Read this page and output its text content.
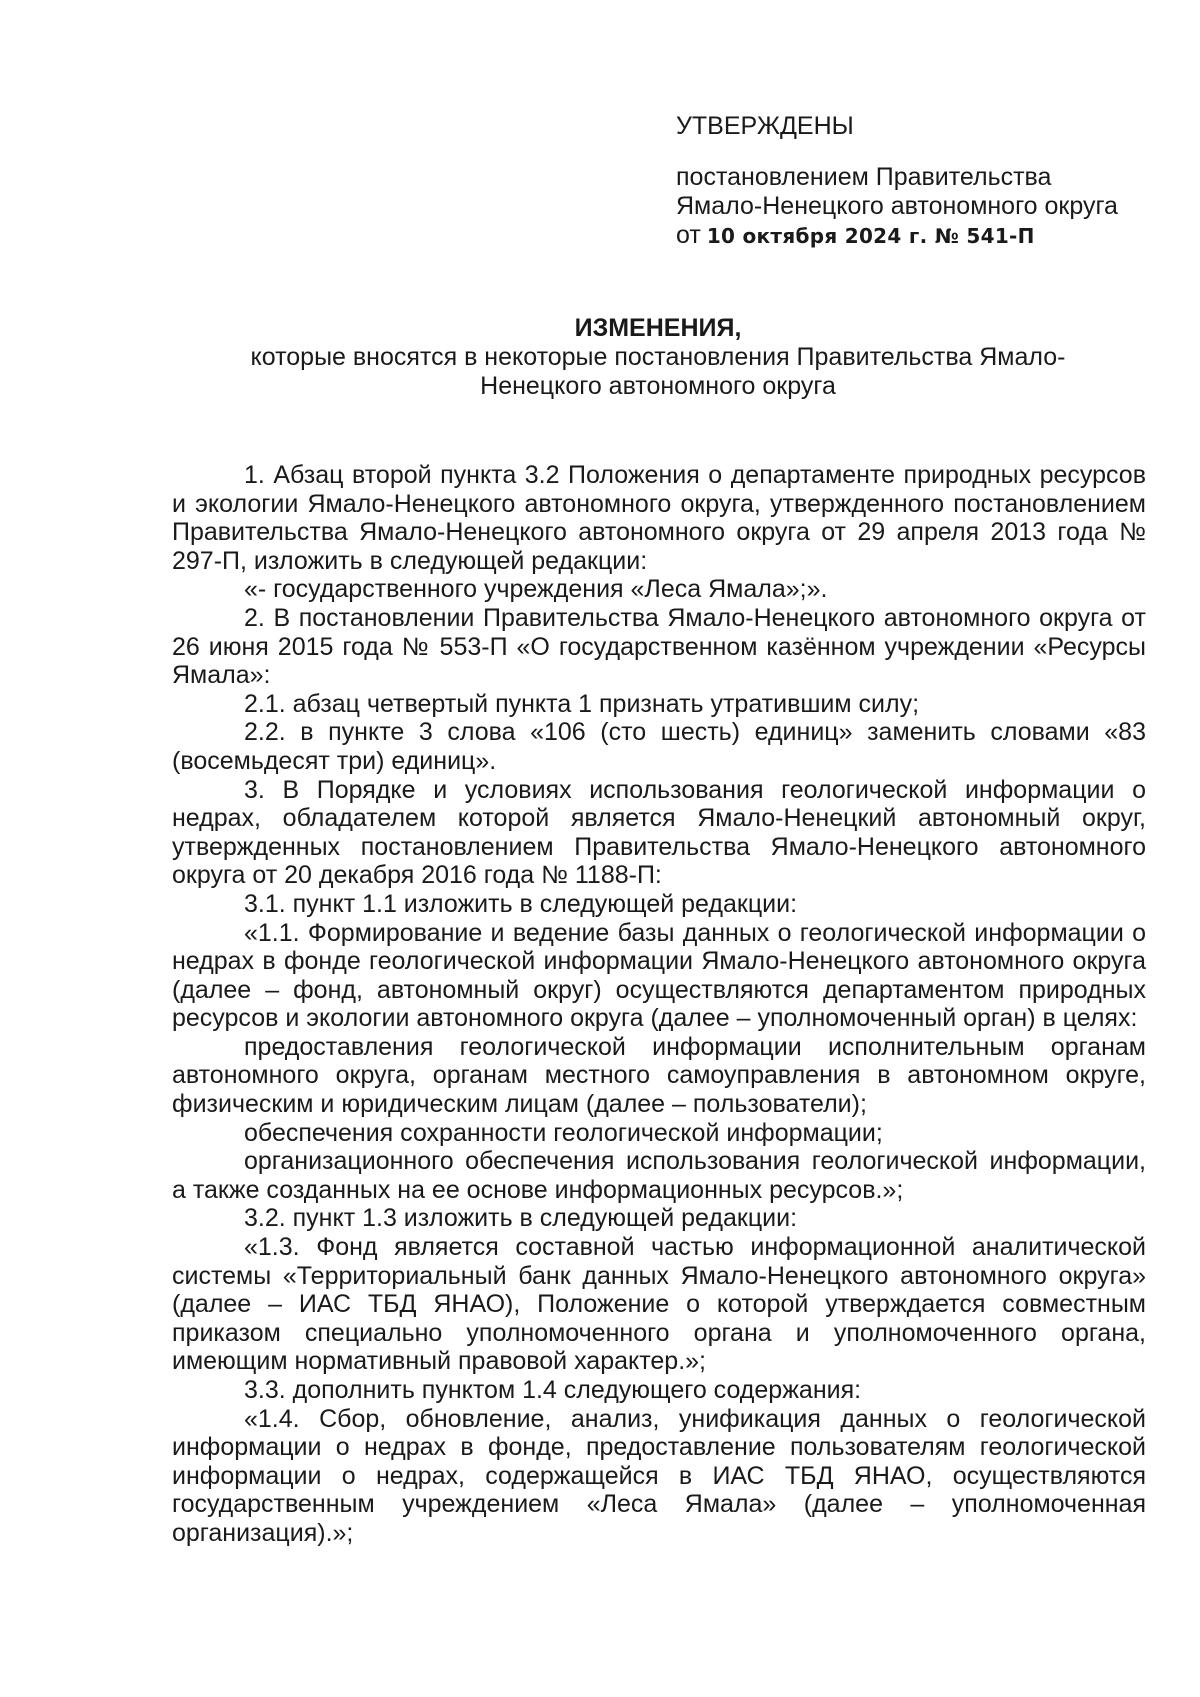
УТВЕРЖДЕНЫ
постановлением Правительства
Ямало-Ненецкого автономного округа
от 10 октября 2024 г. № 541-П
ИЗМЕНЕНИЯ,
которые вносятся в некоторые постановления Правительства Ямало-Ненецкого автономного округа

1. Абзац второй пункта 3.2 Положения о департаменте природных ресурсов и экологии Ямало-Ненецкого автономного округа, утвержденного постановлением Правительства Ямало-Ненецкого автономного округа от 29 апреля 2013 года № 297-П, изложить в следующей редакции:

«- государственного учреждения «Леса Ямала»;».

2. В постановлении Правительства Ямало-Ненецкого автономного округа от 26 июня 2015 года № 553-П «О государственном казённом учреждении «Ресурсы Ямала»:

2.1. абзац четвертый пункта 1 признать утратившим силу;

2.2. в пункте 3 слова «106 (сто шесть) единиц» заменить словами «83 (восемьдесят три) единиц».

3. В Порядке и условиях использования геологической информации о недрах, обладателем которой является Ямало-Ненецкий автономный округ, утвержденных постановлением Правительства Ямало-Ненецкого автономного округа от 20 декабря 2016 года № 1188-П:

3.1. пункт 1.1 изложить в следующей редакции:

«1.1. Формирование и ведение базы данных о геологической информации о недрах в фонде геологической информации Ямало-Ненецкого автономного округа (далее – фонд, автономный округ) осуществляются департаментом природных ресурсов и экологии автономного округа (далее – уполномоченный орган) в целях:

предоставления геологической информации исполнительным органам автономного округа, органам местного самоуправления в автономном округе, физическим и юридическим лицам (далее – пользователи);

обеспечения сохранности геологической информации;

организационного обеспечения использования геологической информации, а также созданных на ее основе информационных ресурсов.»;

3.2. пункт 1.3 изложить в следующей редакции:

«1.3. Фонд является составной частью информационной аналитической системы «Территориальный банк данных Ямало-Ненецкого автономного округа» (далее – ИАС ТБД ЯНАО), Положение о которой утверждается совместным приказом специально уполномоченного органа и уполномоченного органа, имеющим нормативный правовой характер.»;

3.3. дополнить пунктом 1.4 следующего содержания:

«1.4. Сбор, обновление, анализ, унификация данных о геологической информации о недрах в фонде, предоставление пользователям геологической информации о недрах, содержащейся в ИАС ТБД ЯНАО, осуществляются государственным учреждением «Леса Ямала» (далее – уполномоченная организация).»;
